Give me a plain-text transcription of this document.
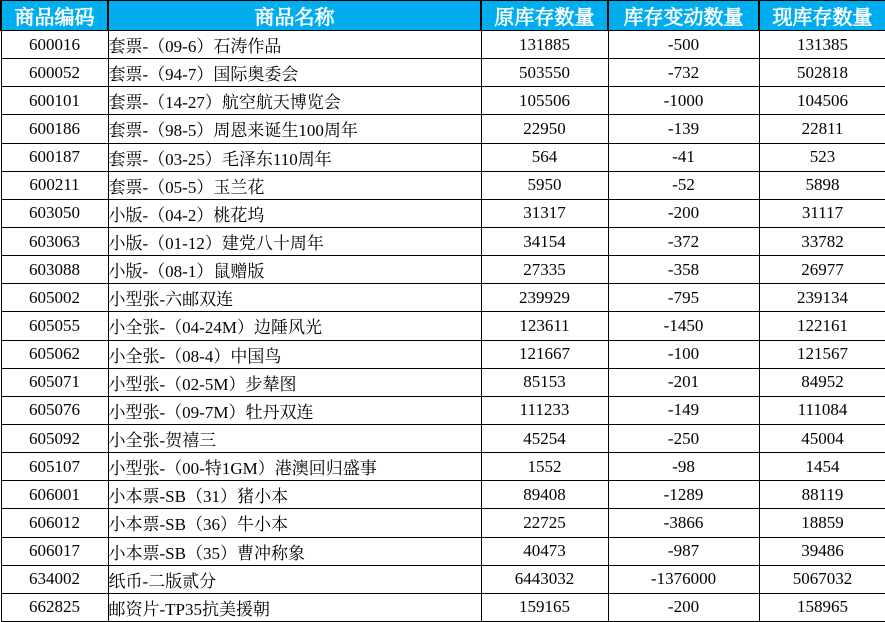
商品编码	商品名称	原库存数量	库存变动数量	现库存数量
600016	套票-（09-6）石涛作品	131885	-500	131385
600052	套票-（94-7）国际奥委会	503550	-732	502818
600101	套票-（14-27）航空航天博览会	105506	-1000	104506
600186	套票-（98-5）周恩来诞生100周年	22950	-139	22811
600187	套票-（03-25）毛泽东110周年	564	-41	523
600211	套票-（05-5）玉兰花	5950	-52	5898
603050	小版-（04-2）桃花坞	31317	-200	31117
603063	小版-（01-12）建党八十周年	34154	-372	33782
603088	小版-（08-1）鼠赠版	27335	-358	26977
605002	小型张-六邮双连	239929	-795	239134
605055	小全张-（04-24M）边陲风光	123611	-1450	122161
605062	小全张-（08-4）中国鸟	121667	-100	121567
605071	小型张-（02-5M）步辇图	85153	-201	84952
605076	小型张-（09-7M）牡丹双连	111233	-149	111084
605092	小全张-贺禧三	45254	-250	45004
605107	小型张-（00-特1GM）港澳回归盛事	1552	-98	1454
606001	小本票-SB（31）猪小本	89408	-1289	88119
606012	小本票-SB（36）牛小本	22725	-3866	18859
606017	小本票-SB（35）曹冲称象	40473	-987	39486
634002	纸币-二版贰分	6443032	-1376000	5067032
662825	邮资片-TP35抗美援朝	159165	-200	158965
